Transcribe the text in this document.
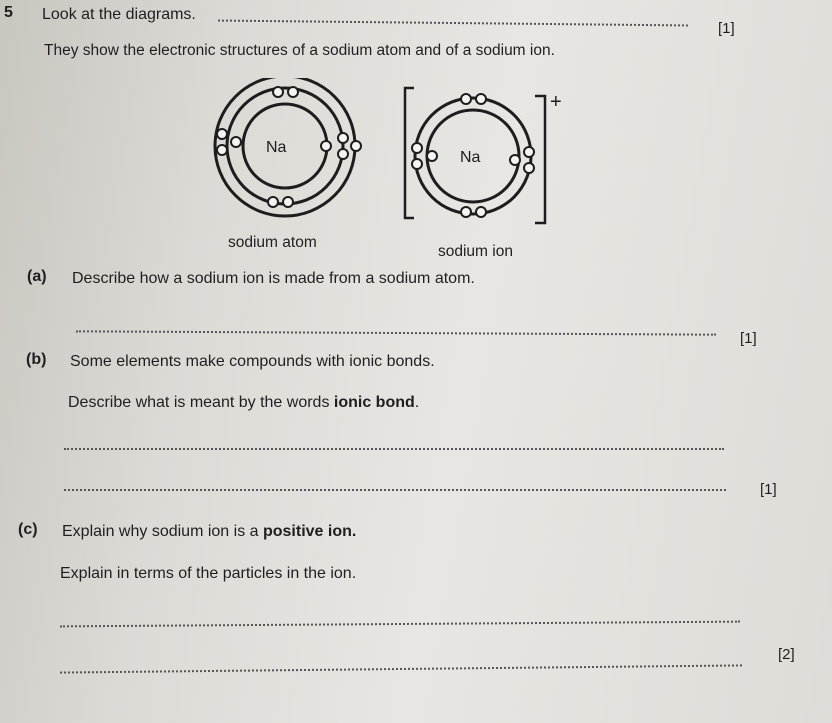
5 Look at the diagrams.
[1]
They show the electronic structures of a sodium atom and of a sodium ion.
Na
+
Na
sodium atom
sodium ion
(a) Describe how a sodium ion is made from a sodium atom.
[1]
(b) Some elements make compounds with ionic bonds.
Describe what is meant by the words ionic bond.
[1]
(c) Explain why sodium ion is a positive ion.
Explain in terms of the particles in the ion.
[2]
